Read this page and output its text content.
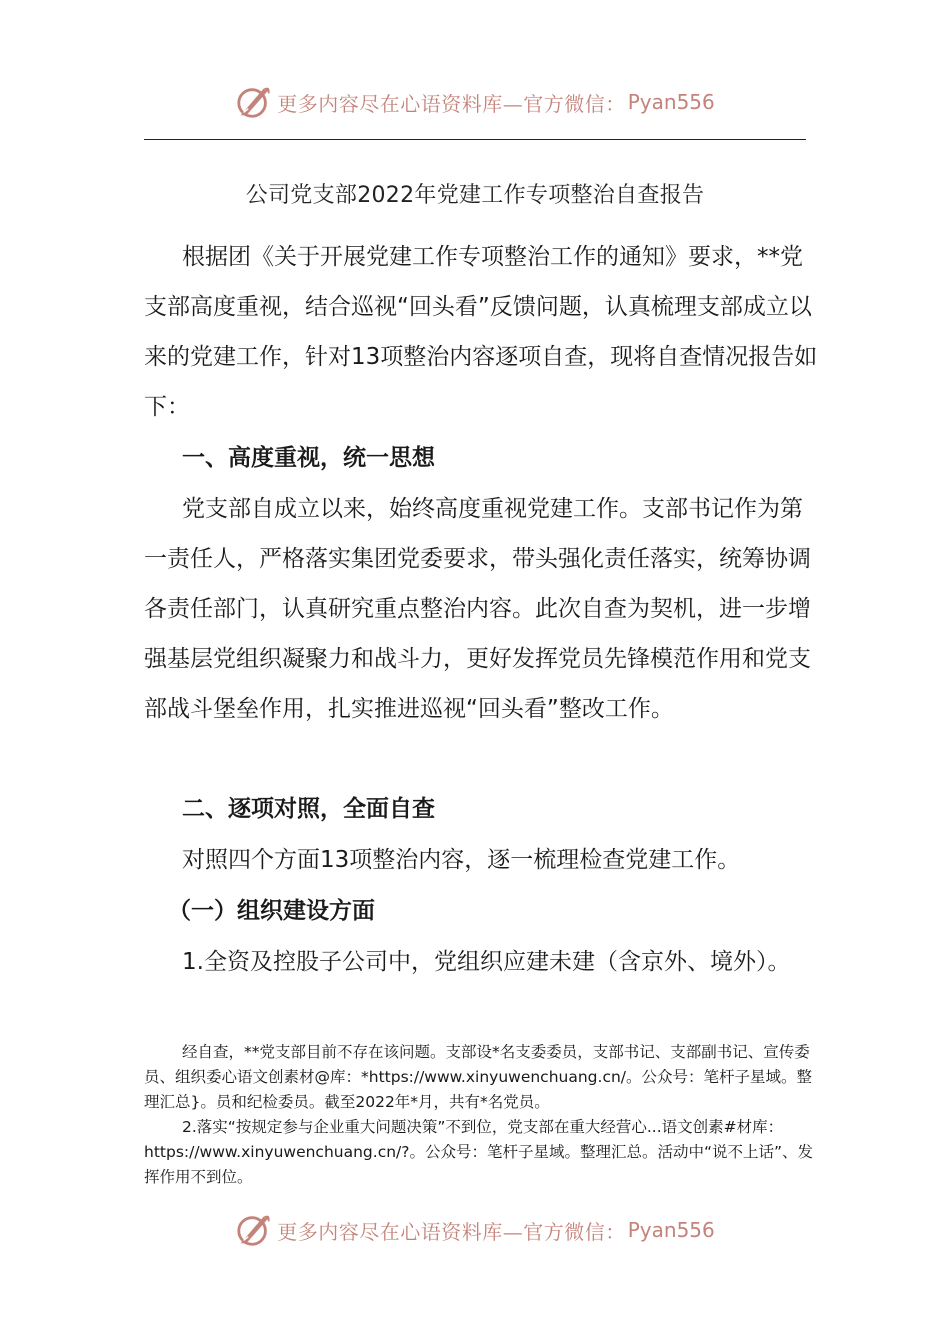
更多内容尽在心语资料库—官方微信： Pyan556
公司党支部2022年党建工作专项整治自查报告

根据团《关于开展党建工作专项整治工作的通知》要求，**党支部高度重视，结合巡视“回头看”反馈问题，认真梳理支部成立以来的党建工作，针对13项整治内容逐项自查，现将自查情况报告如下：

一、高度重视，统一思想

党支部自成立以来，始终高度重视党建工作。支部书记作为第一责任人，严格落实集团党委要求，带头强化责任落实，统筹协调各责任部门，认真研究重点整治内容。此次自查为契机，进一步增强基层党组织凝聚力和战斗力，更好发挥党员先锋模范作用和党支部战斗堡垒作用，扎实推进巡视“回头看”整改工作。

二、逐项对照，全面自查

对照四个方面13项整治内容，逐一梳理检查党建工作。

（一）组织建设方面

1.全资及控股子公司中，党组织应建未建（含京外、境外）。

经自查，**党支部目前不存在该问题。支部设*名支委委员，支部书记、支部副书记、宣传委员、组织委心语文创素材@库：*https://www.xinyuwenchuang.cn/。公众号：笔杆子星域。整理汇总}。员和纪检委员。截至2022年*月，共有*名党员。

2.落实“按规定参与企业重大问题决策”不到位，党支部在重大经营心...语文创素#材库：https://www.xinyuwenchuang.cn/?。公众号：笔杆子星域。整理汇总。活动中“说不上话”、发挥作用不到位。

更多内容尽在心语资料库—官方微信： Pyan556
